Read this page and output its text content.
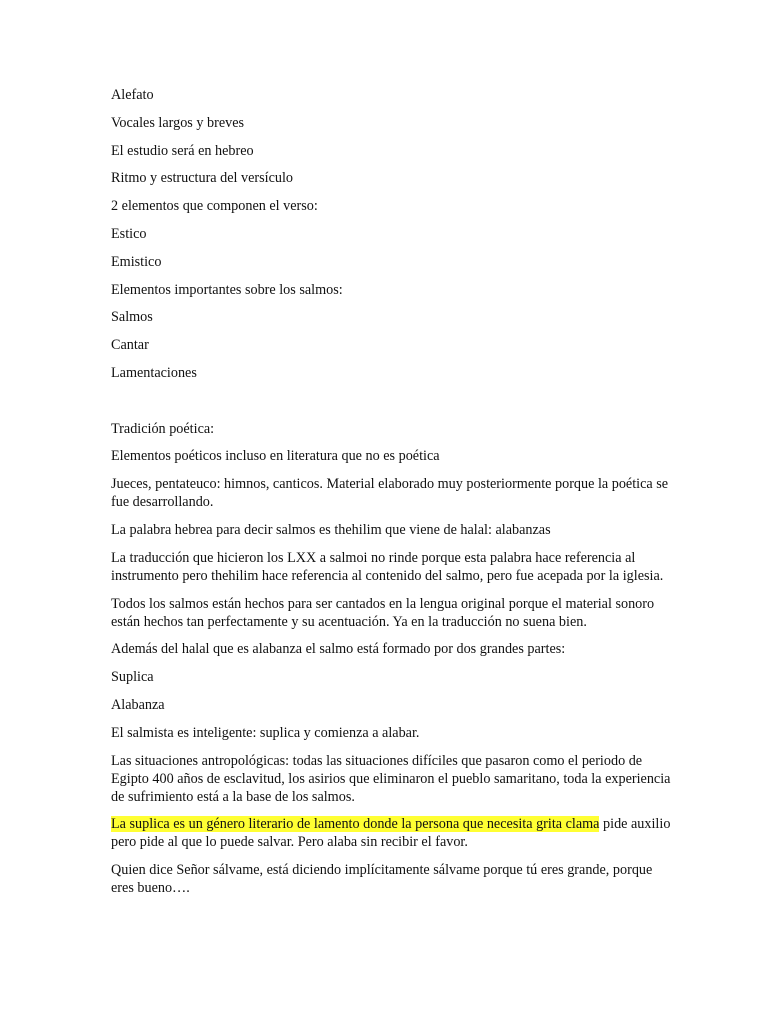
Alefato

Vocales largos y breves

El estudio será en hebreo

Ritmo y estructura del versículo

2 elementos que componen el verso:

Estico

Emistico

Elementos importantes sobre los salmos:

Salmos

Cantar

Lamentaciones

Tradición poética:

Elementos poéticos incluso en literatura que no es poética

Jueces, pentateuco: himnos, canticos. Material elaborado muy posteriormente porque la poética se fue desarrollando.

La palabra hebrea para decir salmos es thehilim que viene de halal: alabanzas

La traducción que hicieron los LXX a salmoi no rinde porque esta palabra hace referencia al instrumento pero thehilim hace referencia al contenido del salmo, pero fue acepada por la iglesia.

Todos los salmos están hechos para ser cantados en la lengua original porque el material sonoro están hechos tan perfectamente y su acentuación. Ya en la traducción no suena bien.

Además del halal que es alabanza el salmo está formado por dos grandes partes:

Suplica

Alabanza

El salmista es inteligente: suplica y comienza a alabar.

Las situaciones antropológicas: todas las situaciones difíciles que pasaron como el periodo de Egipto 400 años de esclavitud, los asirios que eliminaron el pueblo samaritano, toda la experiencia de sufrimiento está a la base de los salmos.

La suplica es un género literario de lamento donde la persona que necesita grita clama pide auxilio pero pide al que lo puede salvar. Pero alaba sin recibir el favor.

Quien dice Señor sálvame, está diciendo implícitamente sálvame porque tú eres grande, porque eres bueno….
